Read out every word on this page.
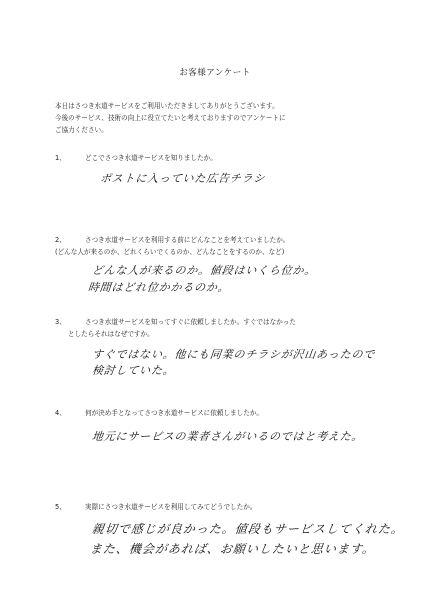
お客様アンケート
本日はさつき水道サービスをご利用いただきましてありがとうございます。
今後のサービス、技術の向上に役立てたいと考えておりますのでアンケートに
ご協力ください。
1、	どこでさつき水道サービスを知りましたか。
ポストに入っていた広告チラシ
2、	さつき水道サービスを利用する前にどんなことを考えていましたか。
(どんな人が来るのか、どれくらいでくるのか、どんなことをするのか、など)
どんな人が来るのか。値段はいくら位か。
時間はどれ位かかるのか。
3、	さつき水道サービスを知ってすぐに依頼しましたか。すぐではなかった
としたらそれはなぜですか。
すぐではない。他にも同業のチラシが沢山あったので
検討していた。
4、	何が決め手となってさつき水道サービスに依頼しましたか。
地元にサービスの業者さんがいるのではと考えた。
5、	実際にさつき水道サービスを利用してみてどうでしたか。
親切で感じが良かった。値段もサービスしてくれた。
また、機会があれば、お願いしたいと思います。
